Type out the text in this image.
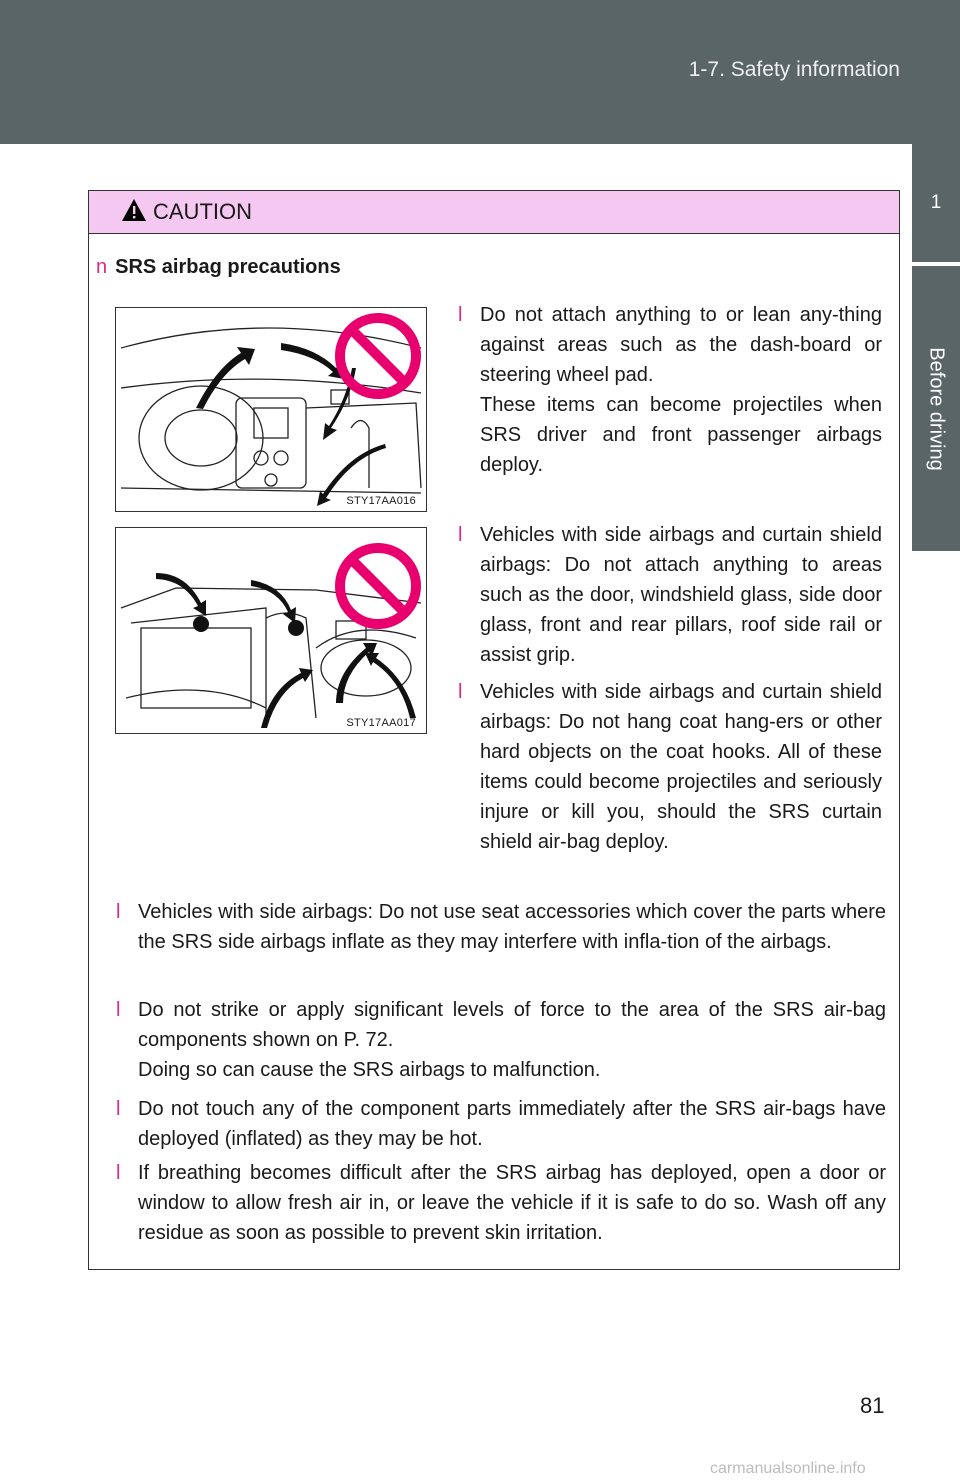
1-7. Safety information
1
Before driving
CAUTION
n SRS airbag precautions
STY17AA016
STY17AA017
l Do not attach anything to or lean any-thing against areas such as the dash-board or steering wheel pad.
These items can become projectiles when SRS driver and front passenger airbags deploy.
l Vehicles with side airbags and curtain shield airbags: Do not attach anything to areas such as the door, windshield glass, side door glass, front and rear pillars, roof side rail or assist grip.
l Vehicles with side airbags and curtain shield airbags: Do not hang coat hang-ers or other hard objects on the coat hooks. All of these items could become projectiles and seriously injure or kill you, should the SRS curtain shield air-bag deploy.
l Vehicles with side airbags: Do not use seat accessories which cover the parts where the SRS side airbags inflate as they may interfere with infla-tion of the airbags.
l Do not strike or apply significant levels of force to the area of the SRS air-bag components shown on P. 72.
Doing so can cause the SRS airbags to malfunction.
l Do not touch any of the component parts immediately after the SRS air-bags have deployed (inflated) as they may be hot.
l If breathing becomes difficult after the SRS airbag has deployed, open a door or window to allow fresh air in, or leave the vehicle if it is safe to do so. Wash off any residue as soon as possible to prevent skin irritation.
81
carmanualsonline.info
